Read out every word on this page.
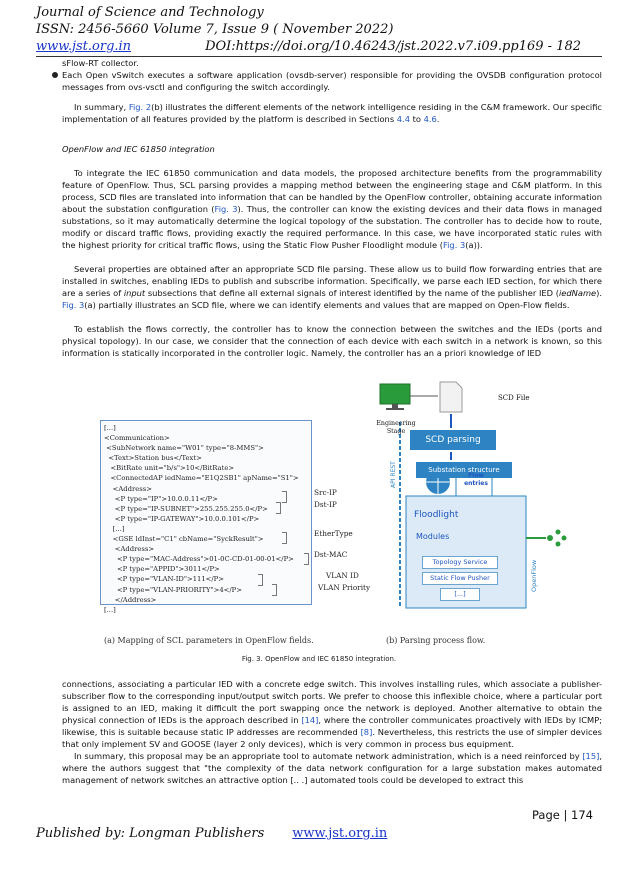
Journal of Science and Technology
ISSN: 2456-5660 Volume 7, Issue 9 ( November 2022)
www.jst.org.in	DOI:https://doi.org/10.46243/jst.2022.v7.i09.pp169 - 182

sFlow-RT collector.

Each Open vSwitch executes a software application (ovsdb-server) responsible for providing the OVSDB configuration protocol messages from ovs-vsctl and configuring the switch accordingly.

In summary, Fig. 2(b) illustrates the different elements of the network intelligence residing in the C&M framework. Our specific implementation of all features provided by the platform is described in Sections 4.4 to 4.6.

OpenFlow and IEC 61850 integration

To integrate the IEC 61850 communication and data models, the proposed architecture benefits from the programmability feature of OpenFlow. Thus, SCL parsing provides a mapping method between the engineering stage and C&M platform. In this process, SCD files are translated into information that can be handled by the OpenFlow controller, obtaining accurate information about the substation configuration (Fig. 3). Thus, the controller can know the existing devices and their data flows in managed substations, so it may automatically determine the logical topology of the substation. The controller has to decide how to route, modify or discard traffic flows, providing exactly the required performance. In this case, we have incorporated static rules with the highest priority for critical traffic flows, using the Static Flow Pusher Floodlight module (Fig. 3(a)).

Several properties are obtained after an appropriate SCD file parsing. These allow us to build flow forwarding entries that are installed in switches, enabling IEDs to publish and subscribe information. Specifically, we parse each IED section, for which there are a series of input subsections that define all external signals of interest identified by the name of the publisher IED (iedName). Fig. 3(a) partially illustrates an SCD file, where we can identify elements and values that are mapped on Open-Flow fields.

To establish the flows correctly, the controller has to know the connection between the switches and the IEDs (ports and physical topology). In our case, we consider that the connection of each device with each switch in a network is known, so this information is statically incorporated in the controller logic. Namely, the controller has an a priori knowledge of IED

[...]
<Communication>
<SubNetwork name="W01" type="8-MMS">
<Text>Station bus</Text>
<BitRate unit="b/s">10</BitRate>
<ConnectedAP iedName="E1Q2SB1" apName="S1">
<Address>
<P type="IP">10.0.0.11</P>
<P type="IP-SUBNET">255.255.255.0</P>
<P type="IP-GATEWAY">10.0.0.101</P>
[...]
<GSE ldInst="C1" cbName="SyckResult">
<Address>
<P type="MAC-Address">01-0C-CD-01-00-01</P>
<P type="APPID">3011</P>
<P type="VLAN-ID">111</P>
<P type="VLAN-PRIORITY">4</P>
</Address>
[...]
Src-IP
Dst-IP
EtherType
Dst-MAC
VLAN ID
VLAN Priority
SCD File
Engineering Stage
SCD parsing
Substation structure
Flow entries
API REST
Floodlight
Modules
Topology Service
Static Flow Pusher
[...]
OpenFlow
(a) Mapping of SCL parameters in OpenFlow fields.	(b) Parsing process flow.
Fig. 3. OpenFlow and IEC 61850 integration.

connections, associating a particular IED with a concrete edge switch. This involves installing rules, which associate a publisher-subscriber flow to the corresponding input/output switch ports. We prefer to choose this inflexible choice, where a particular port is assigned to an IED, making it difficult the port swapping once the network is deployed. Another alternative to obtain the physical connection of IEDs is the approach described in [14], where the controller communicates proactively with IEDs by ICMP; likewise, this is suitable because static IP addresses are recommended [8]. Nevertheless, this restricts the use of simpler devices that only implement SV and GOOSE (layer 2 only devices), which is very common in process bus equipment.

In summary, this proposal may be an appropriate tool to automate network administration, which is a need reinforced by [15], where the authors suggest that "the complexity of the data network configuration for a large substation makes automated management of network switches an attractive option [.. .] automated tools could be developed to extract this

Page | 174
Published by: Longman Publishers www.jst.org.in
